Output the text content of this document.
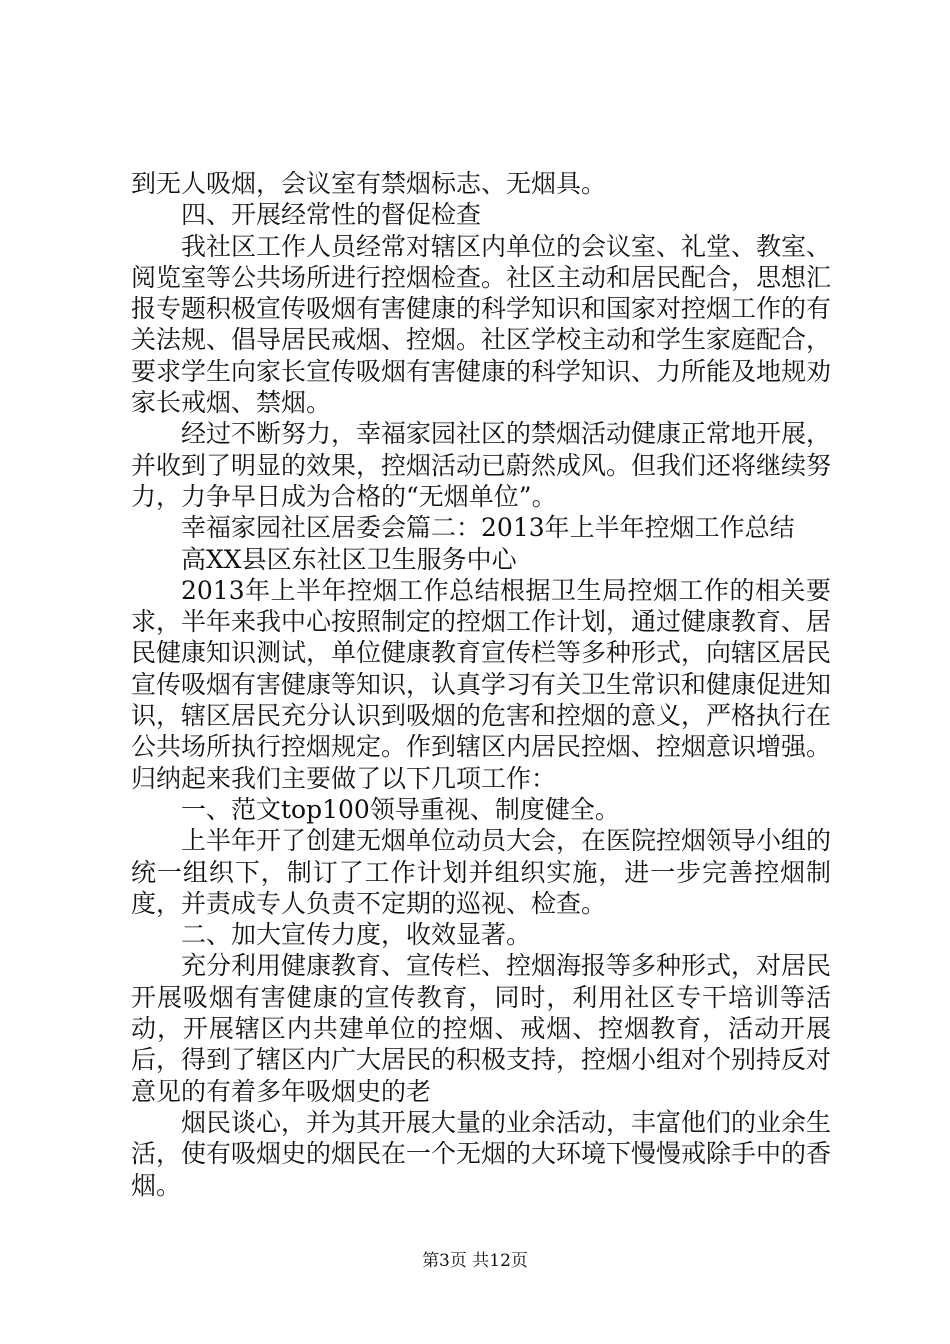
到无人吸烟，会议室有禁烟标志、无烟具。

四、开展经常性的督促检查

我社区工作人员经常对辖区内单位的会议室、礼堂、教室、阅览室等公共场所进行控烟检查。社区主动和居民配合，思想汇报专题积极宣传吸烟有害健康的科学知识和国家对控烟工作的有关法规、倡导居民戒烟、控烟。社区学校主动和学生家庭配合，要求学生向家长宣传吸烟有害健康的科学知识、力所能及地规劝家长戒烟、禁烟。

经过不断努力，幸福家园社区的禁烟活动健康正常地开展，并收到了明显的效果，控烟活动已蔚然成风。但我们还将继续努力，力争早日成为合格的“无烟单位”。

幸福家园社区居委会篇二：2013年上半年控烟工作总结

高XX县区东社区卫生服务中心

2013年上半年控烟工作总结根据卫生局控烟工作的相关要求，半年来我中心按照制定的控烟工作计划，通过健康教育、居民健康知识测试，单位健康教育宣传栏等多种形式，向辖区居民宣传吸烟有害健康等知识，认真学习有关卫生常识和健康促进知识，辖区居民充分认识到吸烟的危害和控烟的意义，严格执行在公共场所执行控烟规定。作到辖区内居民控烟、控烟意识增强。归纳起来我们主要做了以下几项工作：

一、范文top100领导重视、制度健全。

上半年开了创建无烟单位动员大会，在医院控烟领导小组的统一组织下，制订了工作计划并组织实施，进一步完善控烟制度，并责成专人负责不定期的巡视、检查。

二、加大宣传力度，收效显著。

充分利用健康教育、宣传栏、控烟海报等多种形式，对居民开展吸烟有害健康的宣传教育，同时，利用社区专干培训等活动，开展辖区内共建单位的控烟、戒烟、控烟教育，活动开展后，得到了辖区内广大居民的积极支持，控烟小组对个别持反对意见的有着多年吸烟史的老

烟民谈心，并为其开展大量的业余活动，丰富他们的业余生活，使有吸烟史的烟民在一个无烟的大环境下慢慢戒除手中的香烟。

第3页 共12页
